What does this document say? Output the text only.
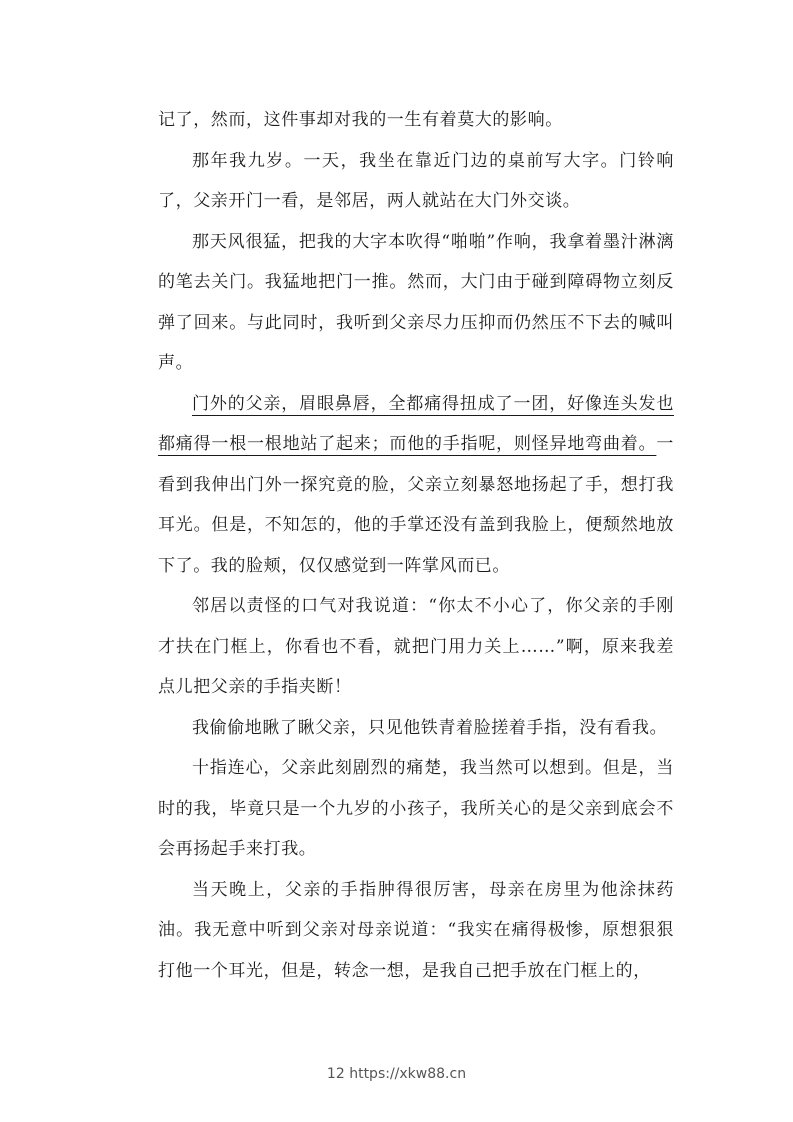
记了，然而，这件事却对我的一生有着莫大的影响。

那年我九岁。一天，我坐在靠近门边的桌前写大字。门铃响了，父亲开门一看，是邻居，两人就站在大门外交谈。

那天风很猛，把我的大字本吹得“啪啪”作响，我拿着墨汁淋漓的笔去关门。我猛地把门一推。然而，大门由于碰到障碍物立刻反弹了回来。与此同时，我听到父亲尽力压抑而仍然压不下去的喊叫声。

门外的父亲，眉眼鼻唇，全都痛得扭成了一团，好像连头发也都痛得一根一根地站了起来；而他的手指呢，则怪异地弯曲着。一看到我伸出门外一探究竟的脸，父亲立刻暴怒地扬起了手，想打我耳光。但是，不知怎的，他的手掌还没有盖到我脸上，便颓然地放下了。我的脸颊，仅仅感觉到一阵掌风而已。

邻居以责怪的口气对我说道：“你太不小心了，你父亲的手刚才扶在门框上，你看也不看，就把门用力关上……”啊，原来我差点儿把父亲的手指夹断！

我偷偷地瞅了瞅父亲，只见他铁青着脸搓着手指，没有看我。

十指连心，父亲此刻剧烈的痛楚，我当然可以想到。但是，当时的我，毕竟只是一个九岁的小孩子，我所关心的是父亲到底会不会再扬起手来打我。

当天晚上，父亲的手指肿得很厉害，母亲在房里为他涂抹药油。我无意中听到父亲对母亲说道：“我实在痛得极惨，原想狠狠打他一个耳光，但是，转念一想，是我自己把手放在门框上的，

12 https://xkw88.cn
